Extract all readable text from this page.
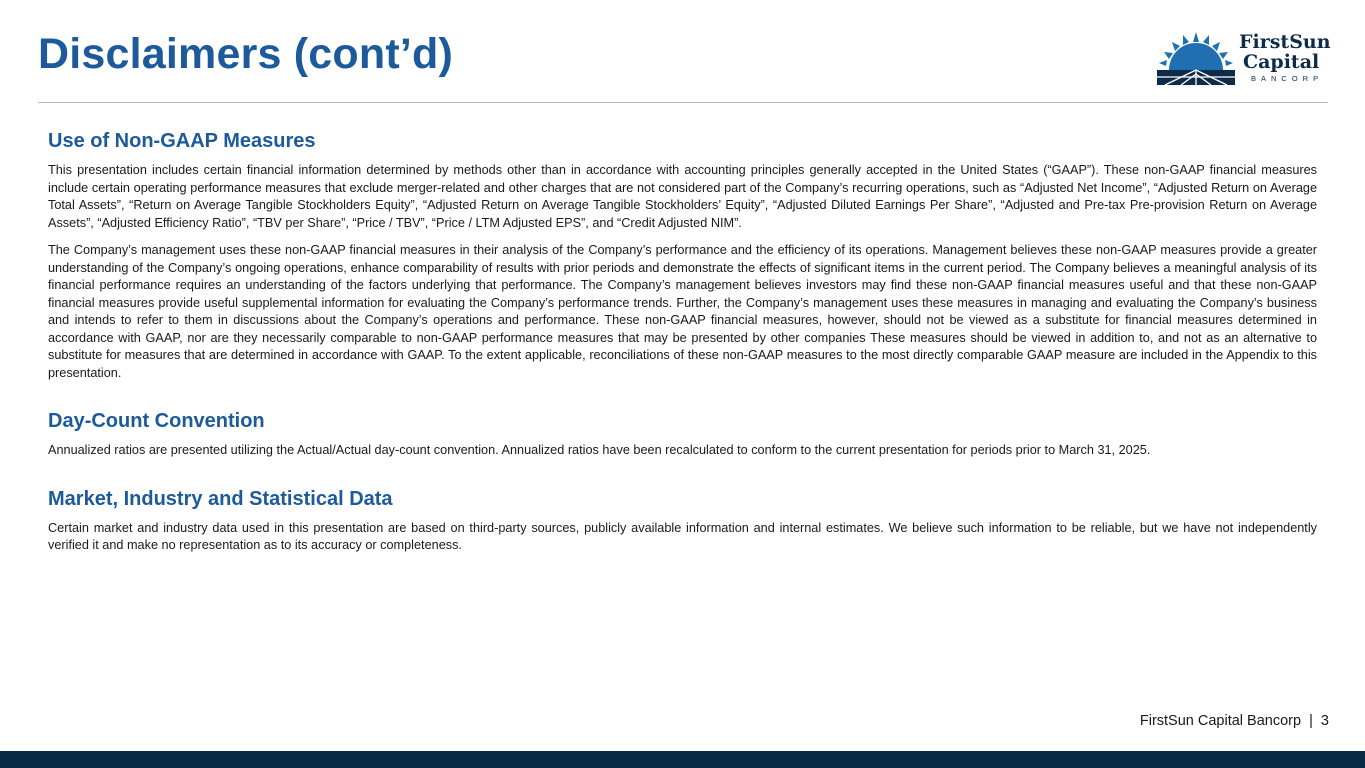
Disclaimers (cont’d)	FirstSun
Capital
BANCORP
Use of Non-GAAP Measures

This presentation includes certain financial information determined by methods other than in accordance with accounting principles generally accepted in the United States (“GAAP”). These non-GAAP financial measures include certain operating performance measures that exclude merger-related and other charges that are not considered part of the Company’s recurring operations, such as “Adjusted Net Income”, “Adjusted Return on Average Total Assets”, “Return on Average Tangible Stockholders Equity”, “Adjusted Return on Average Tangible Stockholders’ Equity”, “Adjusted Diluted Earnings Per Share”, “Adjusted and Pre-tax Pre-provision Return on Average Assets”, “Adjusted Efficiency Ratio”, “TBV per Share”, “Price / TBV”, “Price / LTM Adjusted EPS”, and “Credit Adjusted NIM”.

The Company’s management uses these non-GAAP financial measures in their analysis of the Company’s performance and the efficiency of its operations. Management believes these non-GAAP measures provide a greater understanding of the Company’s ongoing operations, enhance comparability of results with prior periods and demonstrate the effects of significant items in the current period. The Company believes a meaningful analysis of its financial performance requires an understanding of the factors underlying that performance. The Company’s management believes investors may find these non-GAAP financial measures useful and that these non-GAAP financial measures provide useful supplemental information for evaluating the Company’s performance trends. Further, the Company’s management uses these measures in managing and evaluating the Company’s business and intends to refer to them in discussions about the Company’s operations and performance. These non-GAAP financial measures, however, should not be viewed as a substitute for financial measures determined in accordance with GAAP, nor are they necessarily comparable to non-GAAP performance measures that may be presented by other companies These measures should be viewed in addition to, and not as an alternative to substitute for measures that are determined in accordance with GAAP. To the extent applicable, reconciliations of these non-GAAP measures to the most directly comparable GAAP measure are included in the Appendix to this presentation.

Day-Count Convention

Annualized ratios are presented utilizing the Actual/Actual day-count convention. Annualized ratios have been recalculated to conform to the current presentation for periods prior to March 31, 2025.

Market, Industry and Statistical Data

Certain market and industry data used in this presentation are based on third-party sources, publicly available information and internal estimates. We believe such information to be reliable, but we have not independently verified it and make no representation as to its accuracy or completeness.

FirstSun Capital Bancorp  |  3
